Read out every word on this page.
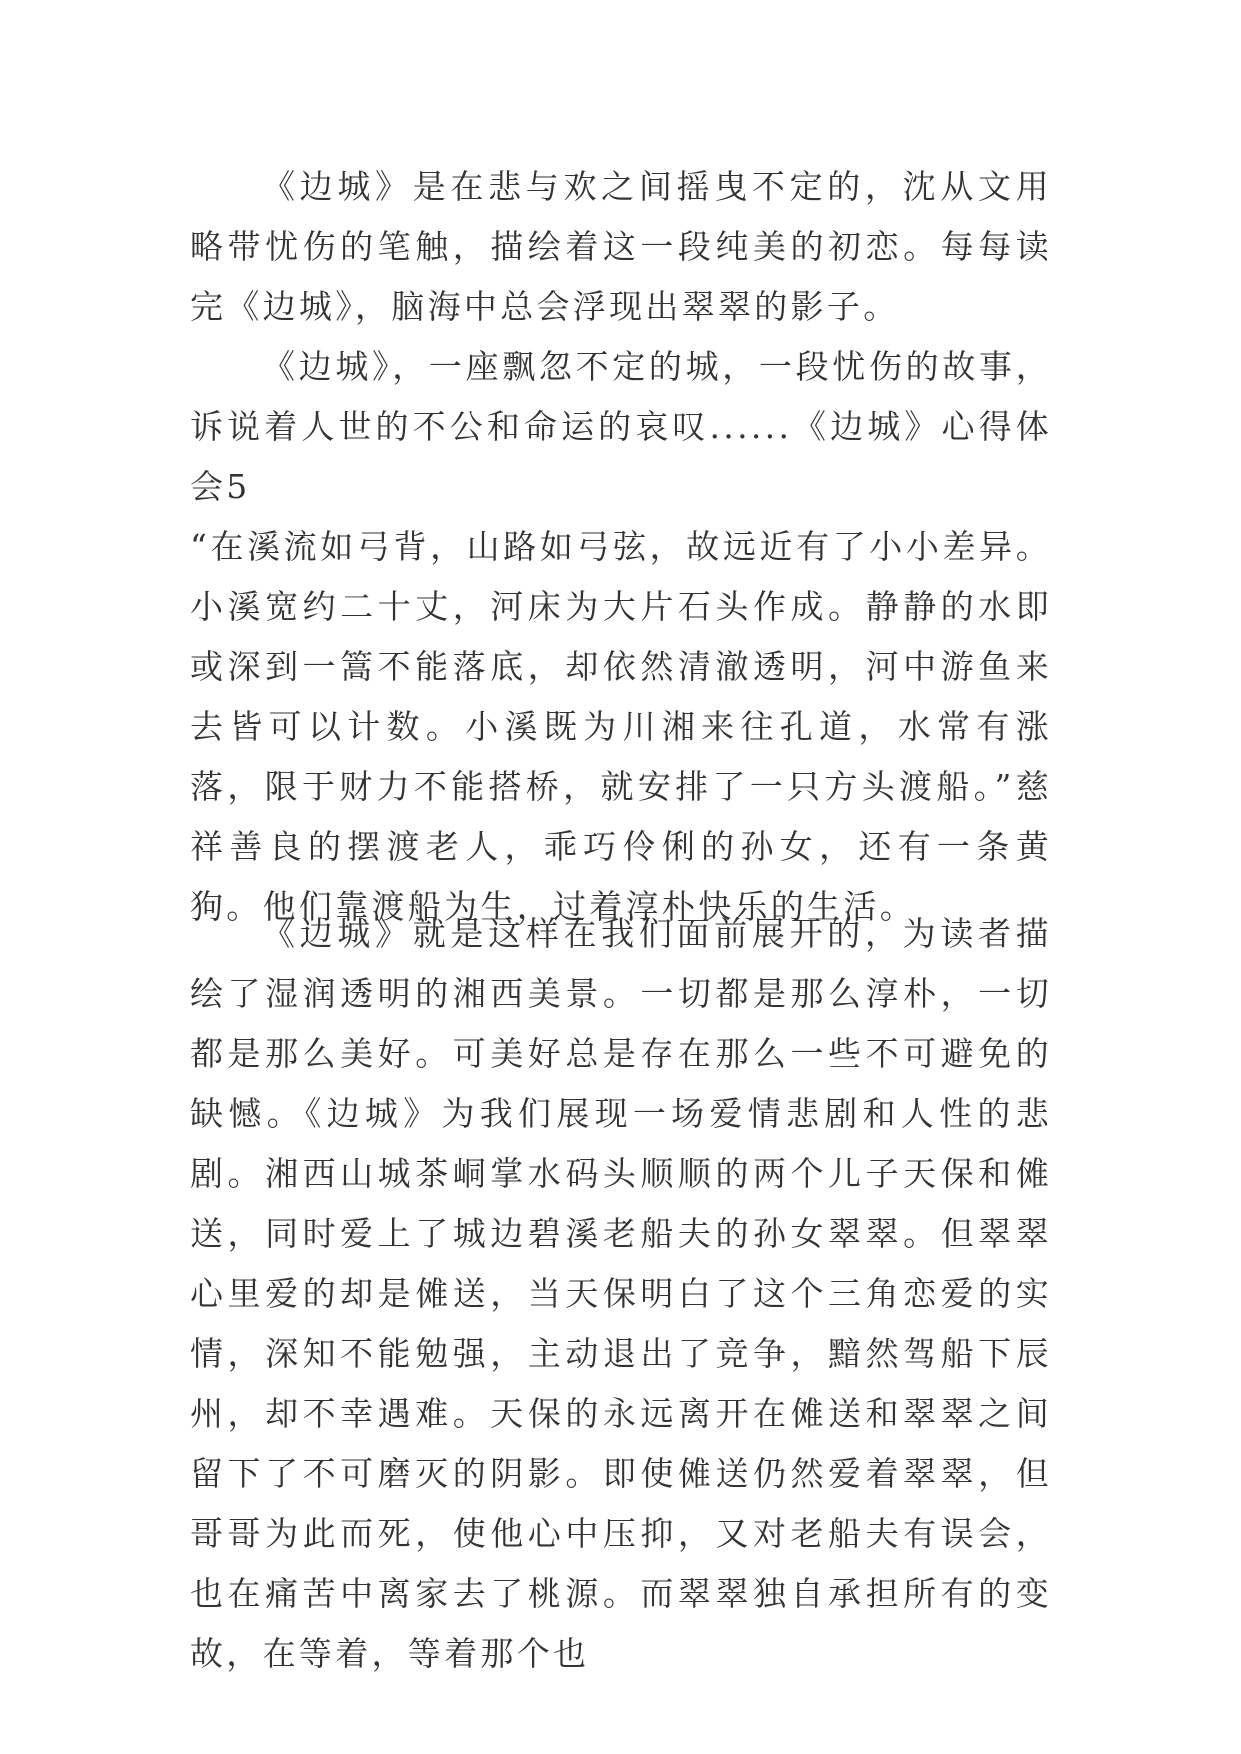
《边城》是在悲与欢之间摇曳不定的，沈从文用略带忧伤的笔触，描绘着这一段纯美的初恋。每每读完《边城》，脑海中总会浮现出翠翠的影子。

《边城》，一座飘忽不定的城，一段忧伤的故事，诉说着人世的不公和命运的哀叹......《边城》心得体会5

“在溪流如弓背，山路如弓弦，故远近有了小小差异。小溪宽约二十丈，河床为大片石头作成。静静的水即或深到一篙不能落底，却依然清澈透明，河中游鱼来去皆可以计数。小溪既为川湘来往孔道，水常有涨落，限于财力不能搭桥，就安排了一只方头渡船。”慈祥善良的摆渡老人，乖巧伶俐的孙女，还有一条黄狗。他们靠渡船为生，过着淳朴快乐的生活。

《边城》就是这样在我们面前展开的，为读者描绘了湿润透明的湘西美景。一切都是那么淳朴，一切都是那么美好。可美好总是存在那么一些不可避免的缺憾。《边城》为我们展现一场爱情悲剧和人性的悲剧。湘西山城茶峒掌水码头顺顺的两个儿子天保和傩送，同时爱上了城边碧溪老船夫的孙女翠翠。但翠翠心里爱的却是傩送，当天保明白了这个三角恋爱的实情，深知不能勉强，主动退出了竞争，黯然驾船下辰州，却不幸遇难。天保的永远离开在傩送和翠翠之间留下了不可磨灭的阴影。即使傩送仍然爱着翠翠，但哥哥为此而死，使他心中压抑，又对老船夫有误会，也在痛苦中离家去了桃源。而翠翠独自承担所有的变故，在等着，等着那个也
